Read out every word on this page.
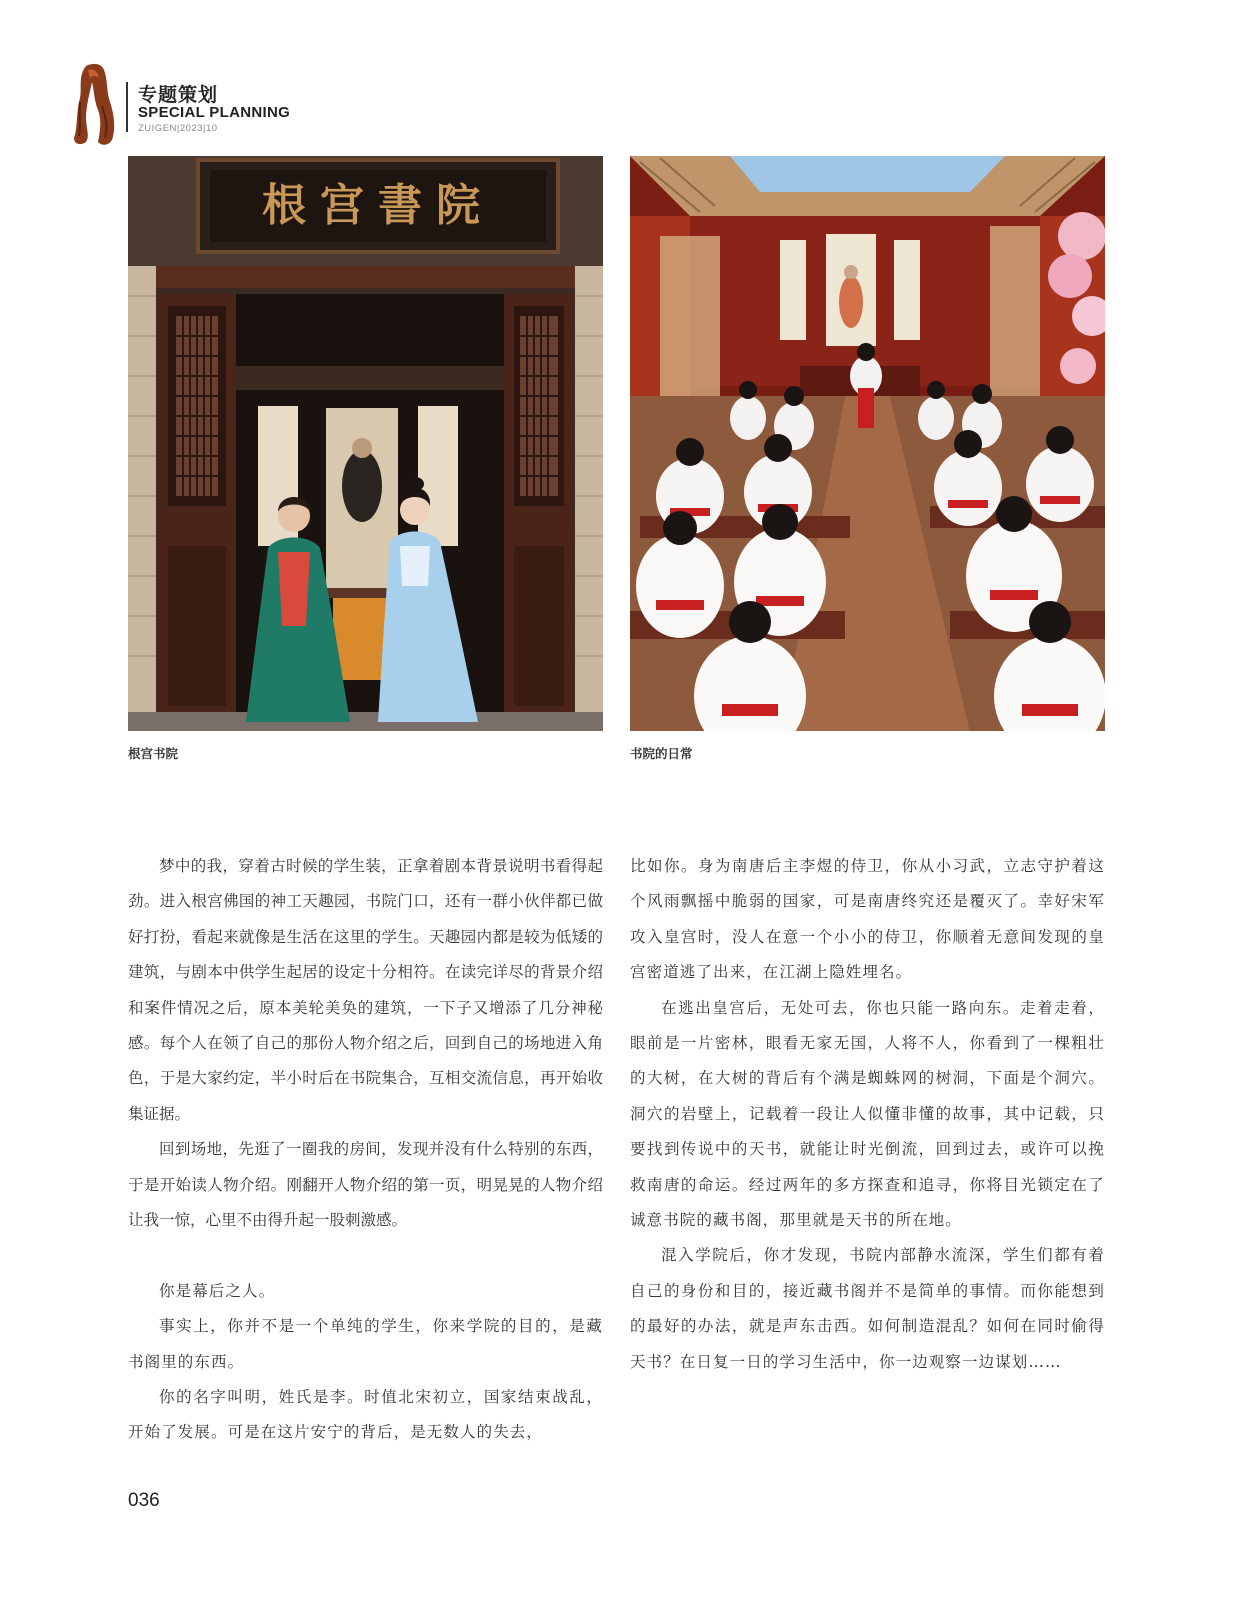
专题策划
SPECIAL PLANNING
ZUIGEN|2023|10
根宫書院
根宫书院	书院的日常

梦中的我，穿着古时候的学生装，正拿着剧本背景说明书看得起劲。进入根宫佛国的神工天趣园，书院门口，还有一群小伙伴都已做好打扮，看起来就像是生活在这里的学生。天趣园内都是较为低矮的建筑，与剧本中供学生起居的设定十分相符。在读完详尽的背景介绍和案件情况之后，原本美轮美奂的建筑，一下子又增添了几分神秘感。每个人在领了自己的那份人物介绍之后，回到自己的场地进入角色，于是大家约定，半小时后在书院集合，互相交流信息，再开始收集证据。

回到场地，先逛了一圈我的房间，发现并没有什么特别的东西，于是开始读人物介绍。刚翻开人物介绍的第一页，明晃晃的人物介绍让我一惊，心里不由得升起一股刺激感。

你是幕后之人。

事实上，你并不是一个单纯的学生，你来学院的目的，是藏书阁里的东西。

你的名字叫明，姓氏是李。时值北宋初立，国家结束战乱，开始了发展。可是在这片安宁的背后，是无数人的失去，

比如你。身为南唐后主李煜的侍卫，你从小习武，立志守护着这个风雨飘摇中脆弱的国家，可是南唐终究还是覆灭了。幸好宋军攻入皇宫时，没人在意一个小小的侍卫，你顺着无意间发现的皇宫密道逃了出来，在江湖上隐姓埋名。

在逃出皇宫后，无处可去，你也只能一路向东。走着走着，眼前是一片密林，眼看无家无国，人将不人，你看到了一棵粗壮的大树，在大树的背后有个满是蜘蛛网的树洞，下面是个洞穴。洞穴的岩壁上，记载着一段让人似懂非懂的故事，其中记载，只要找到传说中的天书，就能让时光倒流，回到过去，或许可以挽救南唐的命运。经过两年的多方探查和追寻，你将目光锁定在了诚意书院的藏书阁，那里就是天书的所在地。

混入学院后，你才发现，书院内部静水流深，学生们都有着自己的身份和目的，接近藏书阁并不是简单的事情。而你能想到的最好的办法，就是声东击西。如何制造混乱？如何在同时偷得天书？在日复一日的学习生活中，你一边观察一边谋划……

036
